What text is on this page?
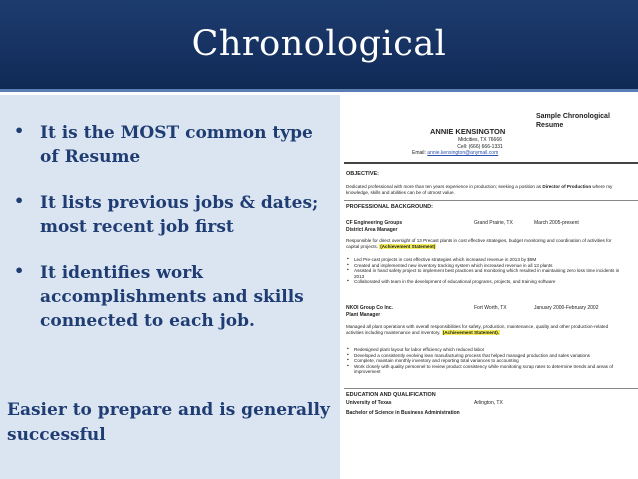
Chronological
• It is the MOST common type of Resume
• It lists previous jobs & dates; most recent job first
• It identifies work accomplishments and skills connected to each job.
Easier to prepare and is generally successful
Sample Chronological
Resume
ANNIE KENSINGTON
Midcities, TX 76666
Cell: (666) 666-1331
Email: annie.kensington@anymail.com
OBJECTIVE:
Dedicated professional with more than ten years experience in production; seeking a position as Director of Production where my knowledge, skills and abilities can be of utmost value.
PROFESSIONAL BACKGROUND:
CF Engineering Groups
District Area Manager
Grand Prairie, TX	March 2005-present
Responsible for direct oversight of 13 Precast plants in cost effective strategies, budget monitoring and coordination of activities for capital projects. (Achievement Statement)
▪ Led Pre-cast projects in cost effective strategies which increased revenue in 2013 by $9M
▪ Created and implemented new inventory tracking system which increased revenue in all 13 plants
▪ Assisted in hand safety project to implement best practices and monitoring which resulted in maintaining zero loss time incidents in 2013
▪ Collaborated with team in the development of educational programs, projects, and training software
NKOI Group Co Inc.
Plant Manager
Fort Worth, TX	January 2000-February 2002
Managed all plant operations with overall responsibilities for safety, production, maintenance, quality and other production-related activities including maintenance and inventory. (Achievement Statement).
▪ Redesigned plant layout for labor efficiency which reduced labor
▪ Developed a consistently evolving lean manufacturing process that helped managed production and sales variations
▪ Complete, maintain monthly inventory and reporting total variances to accounting
▪ Work closely with quality personnel to review product consistency while monitoring scrap rates to determine trends and areas of improvement
EDUCATION AND QUALIFICATION
University of Texas	Arlington, TX
Bachelor of Science in Business Administration
